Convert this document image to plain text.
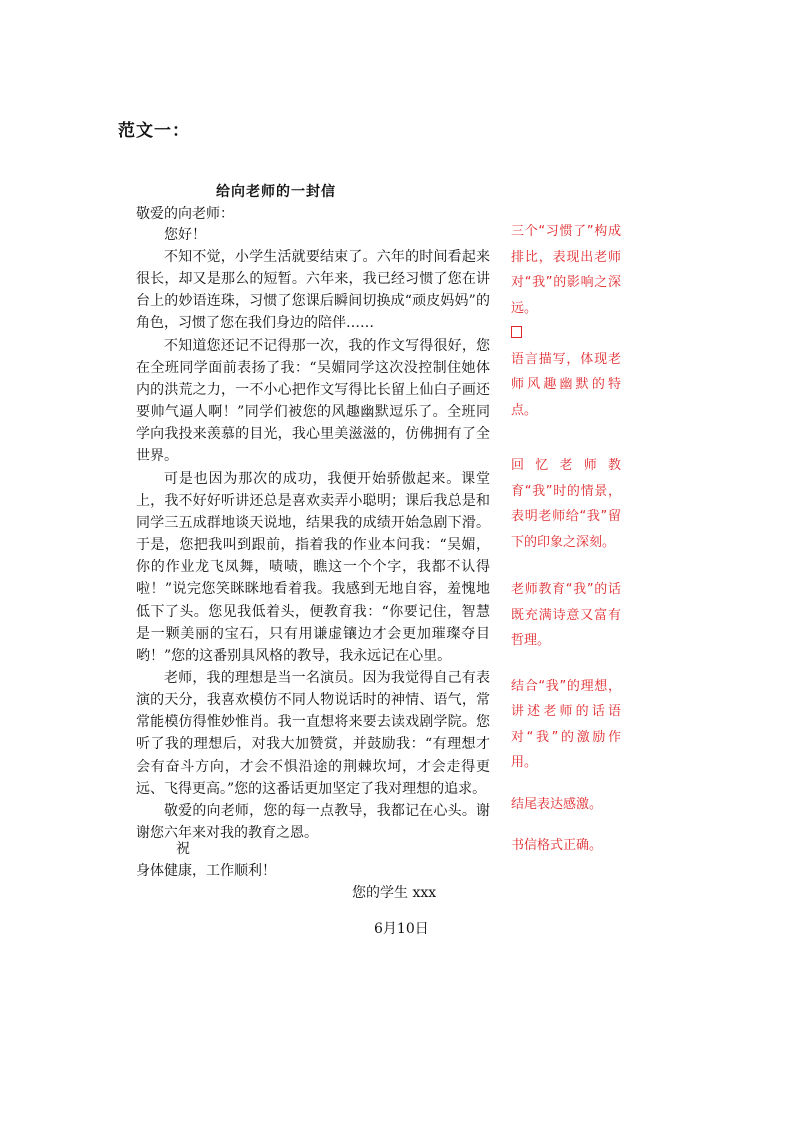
范文一：
给向老师的一封信
敬爱的向老师：
您好！

不知不觉，小学生活就要结束了。六年的时间看起来很长，却又是那么的短暂。六年来，我已经习惯了您在讲台上的妙语连珠，习惯了您课后瞬间切换成“顽皮妈妈”的角色，习惯了您在我们身边的陪伴……

不知道您还记不记得那一次，我的作文写得很好，您在全班同学面前表扬了我：“吴媚同学这次没控制住她体内的洪荒之力，一不小心把作文写得比长留上仙白子画还要帅气逼人啊！”同学们被您的风趣幽默逗乐了。全班同学向我投来羡慕的目光，我心里美滋滋的，仿佛拥有了全世界。

可是也因为那次的成功，我便开始骄傲起来。课堂上，我不好好听讲还总是喜欢卖弄小聪明；课后我总是和同学三五成群地谈天说地，结果我的成绩开始急剧下滑。于是，您把我叫到跟前，指着我的作业本问我：“吴媚，你的作业龙飞凤舞，啧啧，瞧这一个个字，我都不认得啦！”说完您笑眯眯地看着我。我感到无地自容，羞愧地低下了头。您见我低着头，便教育我：“你要记住，智慧是一颗美丽的宝石，只有用谦虚镶边才会更加璀璨夺目哟！”您的这番别具风格的教导，我永远记在心里。

老师，我的理想是当一名演员。因为我觉得自己有表演的天分，我喜欢模仿不同人物说话时的神情、语气，常常能模仿得惟妙惟肖。我一直想将来要去读戏剧学院。您听了我的理想后，对我大加赞赏，并鼓励我：“有理想才会有奋斗方向，才会不惧沿途的荆棘坎坷，才会走得更远、飞得更高。”您的这番话更加坚定了我对理想的追求。

敬爱的向老师，您的每一点教导，我都记在心头。谢谢您六年来对我的教育之恩。

祝
身体健康，工作顺利！
您的学生 xxx
6月10日

三个“习惯了”构成排比，表现出老师对“我”的影响之深远。

语言描写，体现老师风趣幽默的特点。

回忆老师教育“我”时的情景，表明老师给“我”留下的印象之深刻。

老师教育“我”的话既充满诗意又富有哲理。

结合“我”的理想，讲述老师的话语对“我”的激励作用。

结尾表达感激。

书信格式正确。
